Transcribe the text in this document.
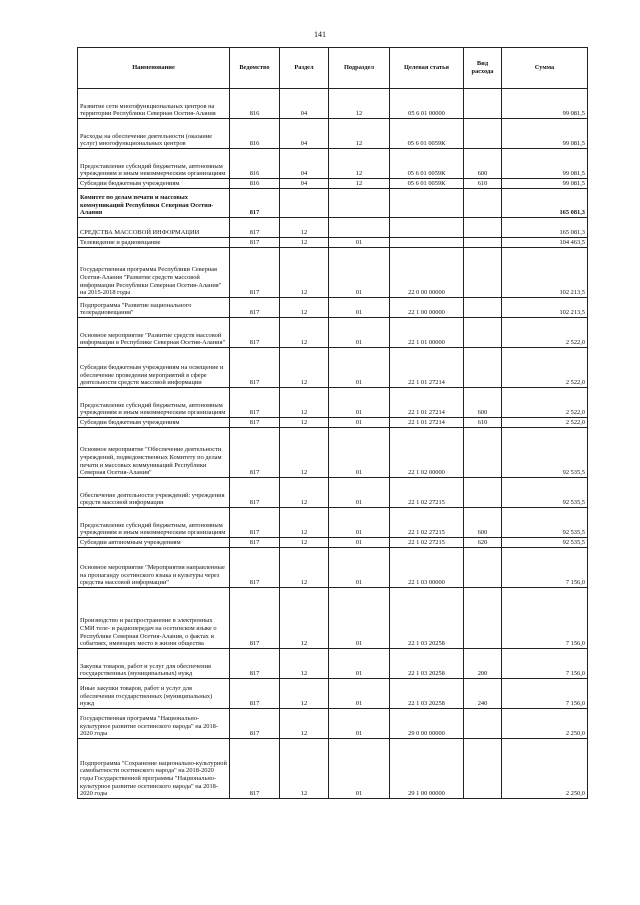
141
Наименование	Ведомство	Раздел	Подраздел	Целевая статья	Вид расхода	Сумма
Развитие сети многофункциональных центров на территории Республики Северная Осетия-Алания	816	04	12	05 6 01 00000		99 081,5
Расходы на обеспечение деятельности (оказание услуг) многофункциональных центров	816	04	12	05 6 01 0059К		99 081,5
Предоставление субсидий бюджетным, автономным учреждениям и иным некоммерческим организациям	816	04	12	05 6 01 0059К	600	99 081,5
Субсидии бюджетным учреждениям	816	04	12	05 6 01 0059К	610	99 081,5
Комитет по делам печати и массовых коммуникаций Республики Северная Осетия-Алания	817					165 081,3
СРЕДСТВА МАССОВОЙ ИНФОРМАЦИИ	817	12				165 081,3
Телевидение и радиовещание	817	12	01			104 463,5
Государственная программа Республики Северная Осетия-Алания "Развитие средств массовой информации Республики Северная Осетия-Алания" на 2015-2018 годы	817	12	01	22 0 00 00000		102 213,5
Подпрограмма "Развитие национального телерадиовещания"	817	12	01	22 1 00 00000		102 213,5
Основное мероприятие "Развитие средств массовой информации в Республике Северная Осетия-Алания"	817	12	01	22 1 01 00000		2 522,0
Субсидии бюджетным учреждениям на освещение и обеспечение проведения мероприятий в сфере деятельности средств массовой информации	817	12	01	22 1 01 27214		2 522,0
Предоставление субсидий бюджетным, автономным учреждениям и иным некоммерческим организациям	817	12	01	22 1 01 27214	600	2 522,0
Субсидии бюджетным учреждениям	817	12	01	22 1 01 27214	610	2 522,0
Основное мероприятие "Обеспечение деятельности учреждений, подведомственных Комитету по делам печати и массовых коммуникаций Республики Северная Осетия-Алания"	817	12	01	22 1 02 00000		92 535,5
Обеспечение деятельности учреждений: учреждения средств массовой информации	817	12	01	22 1 02 27215		92 535,5
Предоставление субсидий бюджетным, автономным учреждениям и иным некоммерческим организациям	817	12	01	22 1 02 27215	600	92 535,5
Субсидии автономным учреждениям	817	12	01	22 1 02 27215	620	92 535,5
Основное мероприятие "Мероприятия направленные на пропаганду осетинского языка и культуры через средства массовой информации"	817	12	01	22 1 03 00000		7 156,0
Производство и распространение в электронных СМИ теле- и радиопередач на осетинском языке о Республике Северная Осетия-Алания, о фактах и событиях, имеющих место в жизни общества	817	12	01	22 1 03 20258		7 156,0
Закупка товаров, работ и услуг для обеспечения государственных (муниципальных) нужд	817	12	01	22 1 03 20258	200	7 156,0
Иные закупки товаров, работ и услуг для обеспечения государственных (муниципальных) нужд	817	12	01	22 1 03 20258	240	7 156,0
Государственная программа "Национально-культурное развитие осетинского народа" на 2018-2020 годы	817	12	01	29 0 00 00000		2 250,0
Подпрограмма "Сохранение национально-культурной самобытности осетинского народа" на 2018-2020 годы Государственной программы "Национально-культурное развитие осетинского народа" на 2018-2020 годы	817	12	01	29 1 00 00000		2 250,0
